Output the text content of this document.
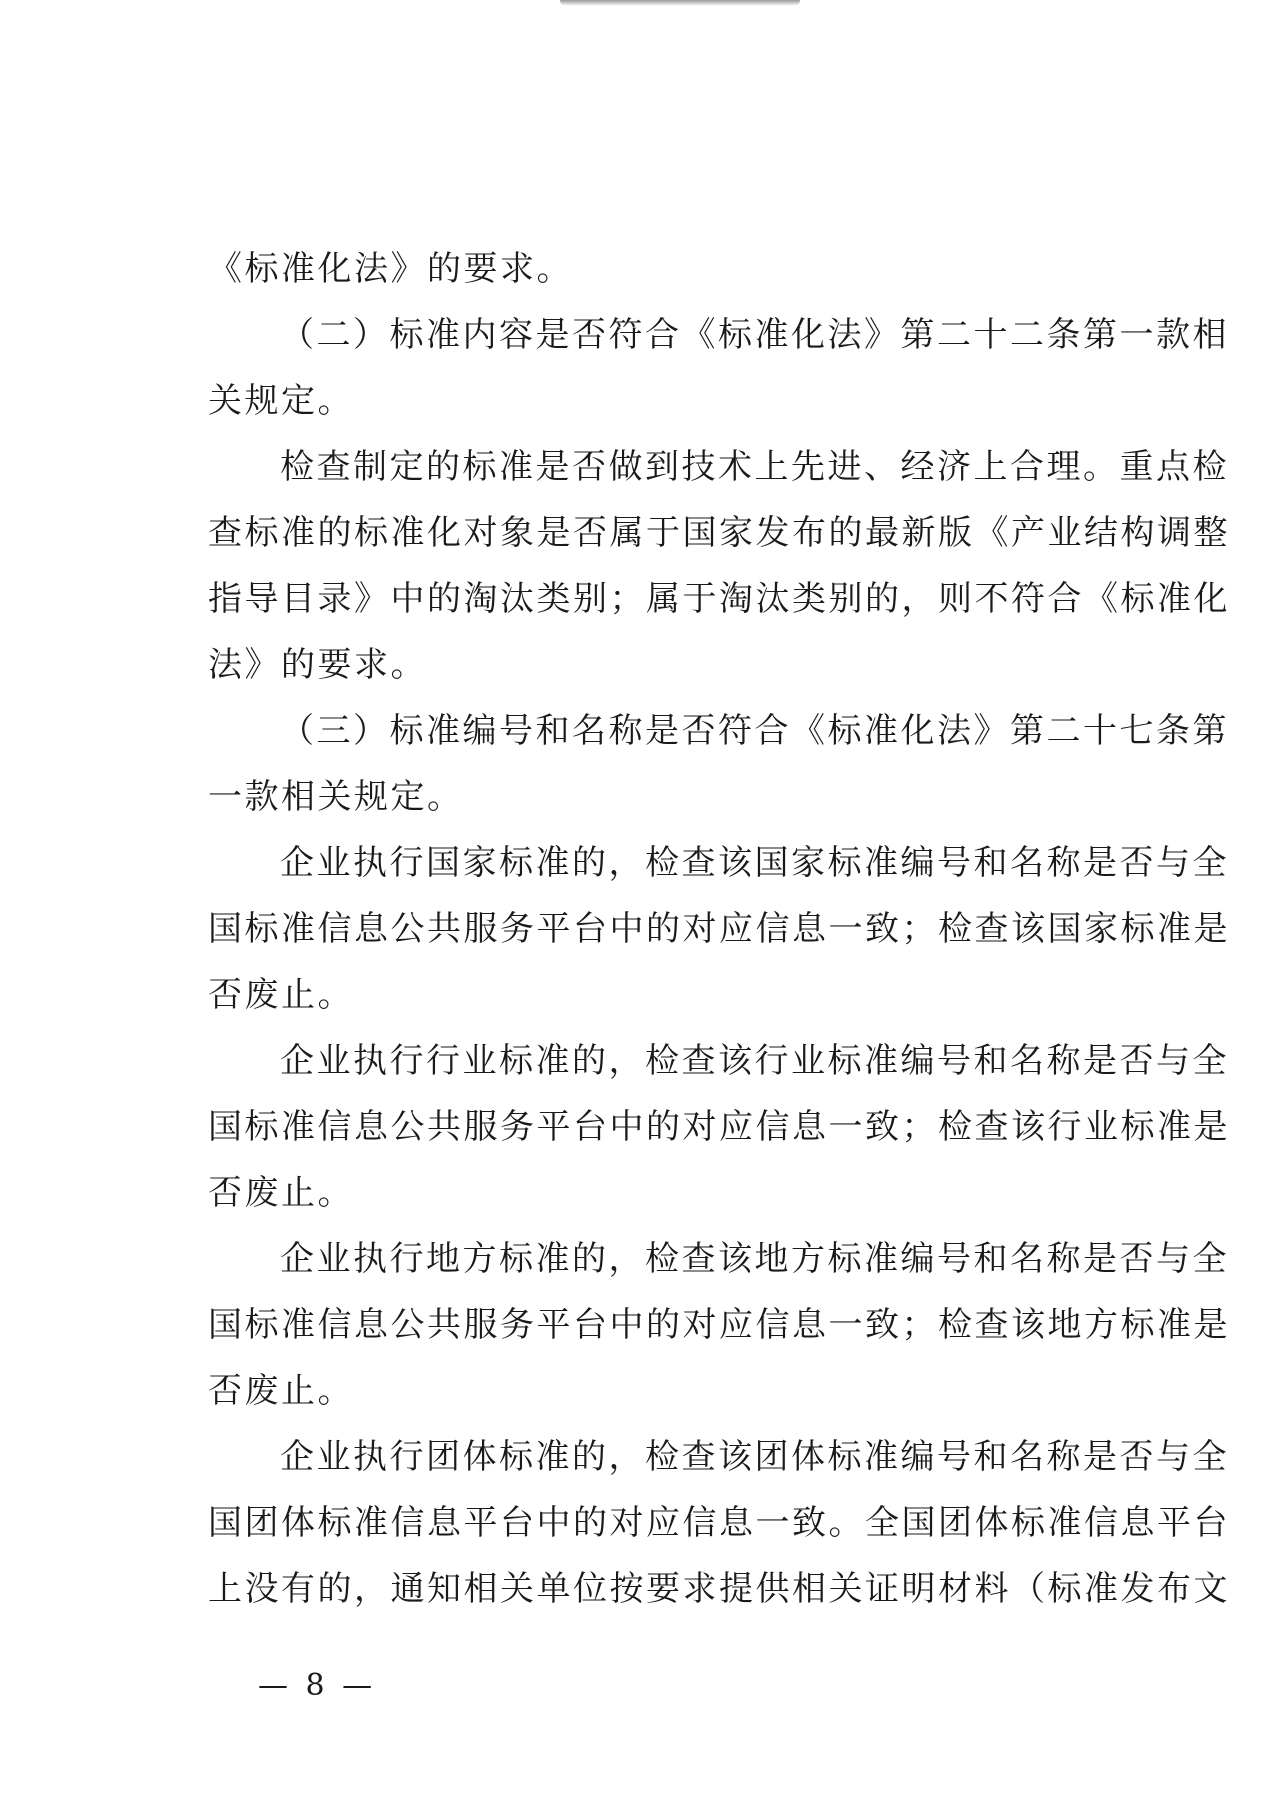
《标准化法》的要求。
（二）标准内容是否符合《标准化法》第二十二条第一款相
关规定。
检查制定的标准是否做到技术上先进、经济上合理。重点检
查标准的标准化对象是否属于国家发布的最新版《产业结构调整
指导目录》中的淘汰类别；属于淘汰类别的，则不符合《标准化
法》的要求。
（三）标准编号和名称是否符合《标准化法》第二十七条第
一款相关规定。
企业执行国家标准的，检查该国家标准编号和名称是否与全
国标准信息公共服务平台中的对应信息一致；检查该国家标准是
否废止。
企业执行行业标准的，检查该行业标准编号和名称是否与全
国标准信息公共服务平台中的对应信息一致；检查该行业标准是
否废止。
企业执行地方标准的，检查该地方标准编号和名称是否与全
国标准信息公共服务平台中的对应信息一致；检查该地方标准是
否废止。
企业执行团体标准的，检查该团体标准编号和名称是否与全
国团体标准信息平台中的对应信息一致。全国团体标准信息平台
上没有的，通知相关单位按要求提供相关证明材料（标准发布文
— 8 —
